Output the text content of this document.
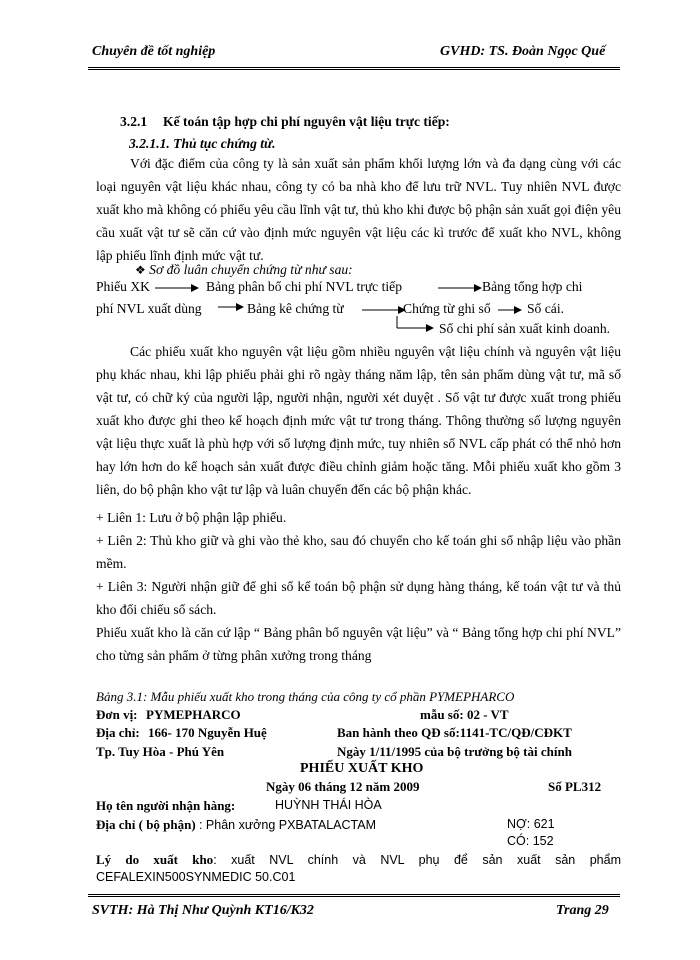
Chuyên đề tốt nghiệp	GVHD: TS. Đoàn Ngọc Quế
3.2.1 Kế toán tập hợp chi phí nguyên vật liệu trực tiếp:
3.2.1.1. Thủ tục chứng từ.
Với đặc điểm của công ty là sản xuất sản phẩm khối lượng lớn và đa dạng cùng với các loại nguyên vật liệu khác nhau, công ty có ba nhà kho để lưu trữ NVL. Tuy nhiên NVL được xuất kho mà không có phiếu yêu cầu lĩnh vật tư, thủ kho khi được bộ phận sản xuất gọi điện yêu cầu xuất vật tư sẽ căn cứ vào định mức nguyên vật liệu các kì trước để xuất kho NVL, không lập phiếu lĩnh định mức vật tư.
❖ Sơ đồ luân chuyển chứng từ như sau:
Phiếu XK	Bảng phân bổ chi phí NVL trực tiếp	Bảng tổng hợp chi
phí NVL xuất dùng	Bảng kê chứng từ	Chứng từ ghi sổ	Sổ cái.
Sổ chi phí sản xuất kinh doanh.
Các phiếu xuất kho nguyên vật liệu gồm nhiều nguyên vật liệu chính và nguyên vật liệu phụ khác nhau, khi lập phiếu phải ghi rõ ngày tháng năm lập, tên sản phẩm dùng vật tư, mã số vật tư, có chữ ký của người lập, người nhận, người xét duyệt . Số vật tư được xuất trong phiếu xuất kho được ghi theo kế hoạch định mức vật tư trong tháng. Thông thường số lượng nguyên vật liệu thực xuất là phù hợp với số lượng định mức, tuy nhiên số NVL cấp phát có thể nhỏ hơn hay lớn hơn do kế hoạch sản xuất được điều chỉnh giảm hoặc tăng. Mỗi phiếu xuất kho gồm 3 liên, do bộ phận kho vật tư lập và luân chuyển đến các bộ phận khác.
+ Liên 1: Lưu ở bộ phận lập phiếu.
+ Liên 2: Thủ kho giữ và ghi vào thẻ kho, sau đó chuyển cho kế toán ghi sổ nhập liệu vào phần mềm.
+ Liên 3: Người nhận giữ để ghi sổ kế toán bộ phận sử dụng hàng tháng, kế toán vật tư và thủ kho đối chiếu sổ sách.
Phiếu xuất kho là căn cứ lập “ Bảng phân bổ nguyên vật liệu” và “ Bảng tổng hợp chi phí NVL” cho từng sản phẩm ở từng phân xưởng trong tháng
Bảng 3.1: Mẫu phiếu xuất kho trong tháng của công ty cổ phần PYMEPHARCO
Đơn vị: PYMEPHARCO	mẫu số: 02 - VT
Địa chỉ: 166- 170 Nguyễn Huệ	Ban hành theo QĐ số:1141-TC/QĐ/CĐKT
Tp. Tuy Hòa - Phú Yên	Ngày 1/11/1995 của bộ trưởng bộ tài chính
PHIẾU XUẤT KHO
Ngày 06 tháng 12 năm 2009	Số PL312
Họ tên người nhận hàng:	HUỲNH THÁI HÒA
Địa chỉ ( bộ phận) : Phân xưởng PXBATALACTAM	NỢ: 621
CÓ: 152
Lý do xuất kho: xuất NVL chính và NVL phụ để sản xuất sản phẩm
CEFALEXIN500SYNMEDIC 50.C01
SVTH: Hà Thị Như Quỳnh KT16/K32	Trang 29
